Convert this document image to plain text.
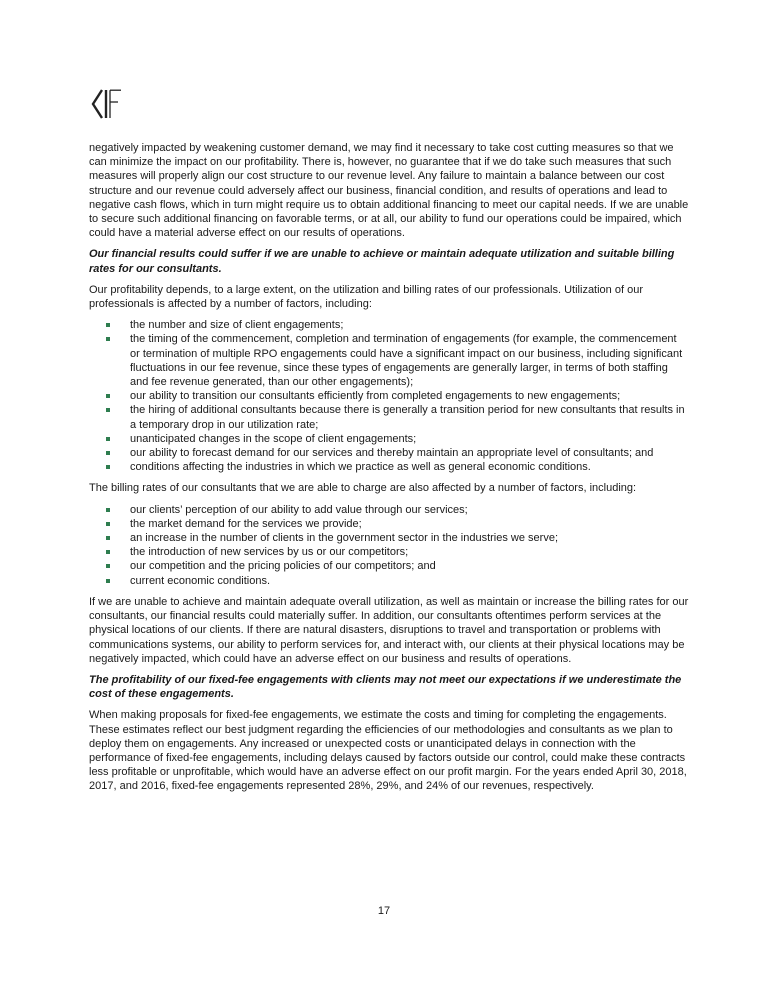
negatively impacted by weakening customer demand, we may find it necessary to take cost cutting measures so that we can minimize the impact on our profitability. There is, however, no guarantee that if we do take such measures that such measures will properly align our cost structure to our revenue level. Any failure to maintain a balance between our cost structure and our revenue could adversely affect our business, financial condition, and results of operations and lead to negative cash flows, which in turn might require us to obtain additional financing to meet our capital needs. If we are unable to secure such additional financing on favorable terms, or at all, our ability to fund our operations could be impaired, which could have a material adverse effect on our results of operations.

Our financial results could suffer if we are unable to achieve or maintain adequate utilization and suitable billing rates for our consultants.

Our profitability depends, to a large extent, on the utilization and billing rates of our professionals. Utilization of our professionals is affected by a number of factors, including:

the number and size of client engagements;
the timing of the commencement, completion and termination of engagements (for example, the commencement or termination of multiple RPO engagements could have a significant impact on our business, including significant fluctuations in our fee revenue, since these types of engagements are generally larger, in terms of both staffing and fee revenue generated, than our other engagements);
our ability to transition our consultants efficiently from completed engagements to new engagements;
the hiring of additional consultants because there is generally a transition period for new consultants that results in a temporary drop in our utilization rate;
unanticipated changes in the scope of client engagements;
our ability to forecast demand for our services and thereby maintain an appropriate level of consultants; and
conditions affecting the industries in which we practice as well as general economic conditions.

The billing rates of our consultants that we are able to charge are also affected by a number of factors, including:

our clients’ perception of our ability to add value through our services;
the market demand for the services we provide;
an increase in the number of clients in the government sector in the industries we serve;
the introduction of new services by us or our competitors;
our competition and the pricing policies of our competitors; and
current economic conditions.

If we are unable to achieve and maintain adequate overall utilization, as well as maintain or increase the billing rates for our consultants, our financial results could materially suffer. In addition, our consultants oftentimes perform services at the physical locations of our clients. If there are natural disasters, disruptions to travel and transportation or problems with communications systems, our ability to perform services for, and interact with, our clients at their physical locations may be negatively impacted, which could have an adverse effect on our business and results of operations.

The profitability of our fixed-fee engagements with clients may not meet our expectations if we underestimate the cost of these engagements.

When making proposals for fixed-fee engagements, we estimate the costs and timing for completing the engagements. These estimates reflect our best judgment regarding the efficiencies of our methodologies and consultants as we plan to deploy them on engagements. Any increased or unexpected costs or unanticipated delays in connection with the performance of fixed-fee engagements, including delays caused by factors outside our control, could make these contracts less profitable or unprofitable, which would have an adverse effect on our profit margin. For the years ended April 30, 2018, 2017, and 2016, fixed-fee engagements represented 28%, 29%, and 24% of our revenues, respectively.

17
